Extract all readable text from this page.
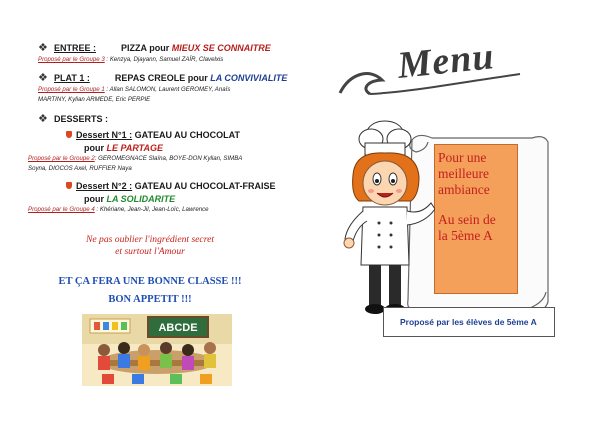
❖ ENTREE :	PIZZA pour MIEUX SE CONNAITRE
Proposé par le Groupe 3 : Kenzya, Djayann, Samuel ZAÏR, Clavelxis
❖ PLAT 1 :	REPAS CREOLE pour LA CONVIVIALITE
Proposé par le Groupe 1 : Allan SALOMON, Laurent GEROMEY, Anaïs
MARTINY, Kylian ARMEDE, Eric PERPIE
❖ DESSERTS :
Dessert N°1 : GATEAU AU CHOCOLAT
pour LE PARTAGE
Proposé par le Groupe 2: GEROMEGNACE Slaïna, BOYE-DON Kylian, SIMBA
Soyna, DIOCOS Axel, RUFFIER Naya
Dessert N°2 : GATEAU AU CHOCOLAT-FRAISE
pour LA SOLIDARITE
Proposé par le Groupe 4 : Khériane, Jean-Jil, Jean-Loïc, Lawrence
Ne pas oublier l'ingrédient secret
et surtout l'Amour
ET ÇA FERA UNE BONNE CLASSE !!!
BON APPETIT !!!
ABCDE
Menu
Pour une
meilleure
ambiance
Au sein de
la 5ème A
Proposé par les élèves de 5ème A
